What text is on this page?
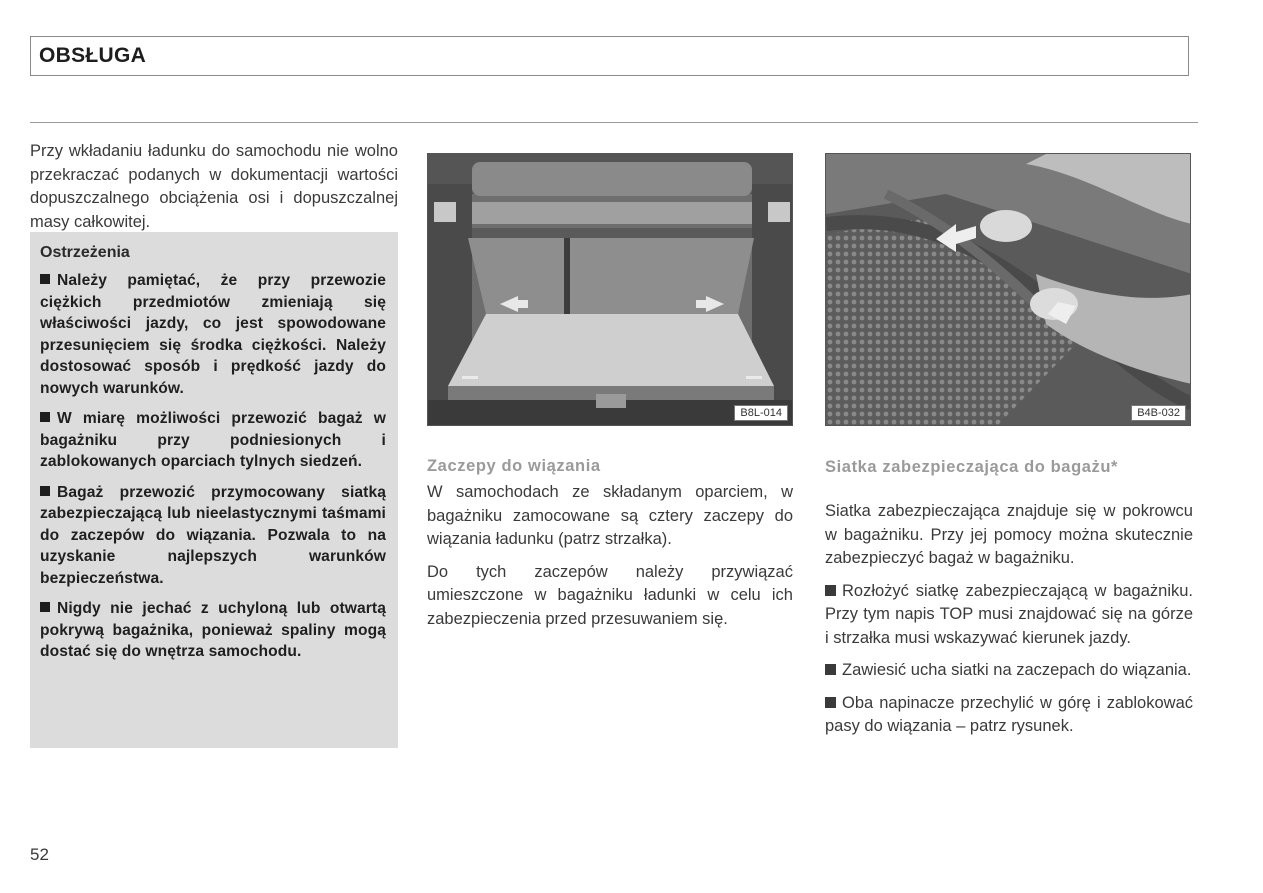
OBSŁUGA

Przy wkładaniu ładunku do samochodu nie wolno przekraczać podanych w dokumentacji wartości dopuszczalnego obciążenia osi i dopuszczalnej masy całkowitej.

Ostrzeżenia

Należy pamiętać, że przy przewozie ciężkich przedmiotów zmieniają się właściwości jazdy, co jest spowodowane przesunięciem się środka ciężkości. Należy dostosować sposób i prędkość jazdy do nowych warunków.

W miarę możliwości przewozić bagaż w bagażniku przy podniesionych i zablokowanych oparciach tylnych siedzeń.

Bagaż przewozić przymocowany siatką zabezpieczającą lub nieelastycznymi taśmami do zaczepów do wiązania. Pozwala to na uzyskanie najlepszych warunków bezpieczeństwa.

Nigdy nie jechać z uchyloną lub otwartą pokrywą bagażnika, ponieważ spaliny mogą dostać się do wnętrza samochodu.

B8L-014	B4B-032
Zaczepy do wiązania

W samochodach ze składanym oparciem, w bagażniku zamocowane są cztery zaczepy do wiązania ładunku (patrz strzałka).

Do tych zaczepów należy przywiązać umieszczone w bagażniku ładunki w celu ich zabezpieczenia przed przesuwaniem się.

Siatka zabezpieczająca do bagażu*

Siatka zabezpieczająca znajduje się w pokrowcu w bagażniku. Przy jej pomocy można skutecznie zabezpieczyć bagaż w bagażniku.

Rozłożyć siatkę zabezpieczającą w bagażniku. Przy tym napis TOP musi znajdować się na górze i strzałka musi wskazywać kierunek jazdy.

Zawiesić ucha siatki na zaczepach do wiązania.

Oba napinacze przechylić w górę i zablokować pasy do wiązania – patrz rysunek.

52
